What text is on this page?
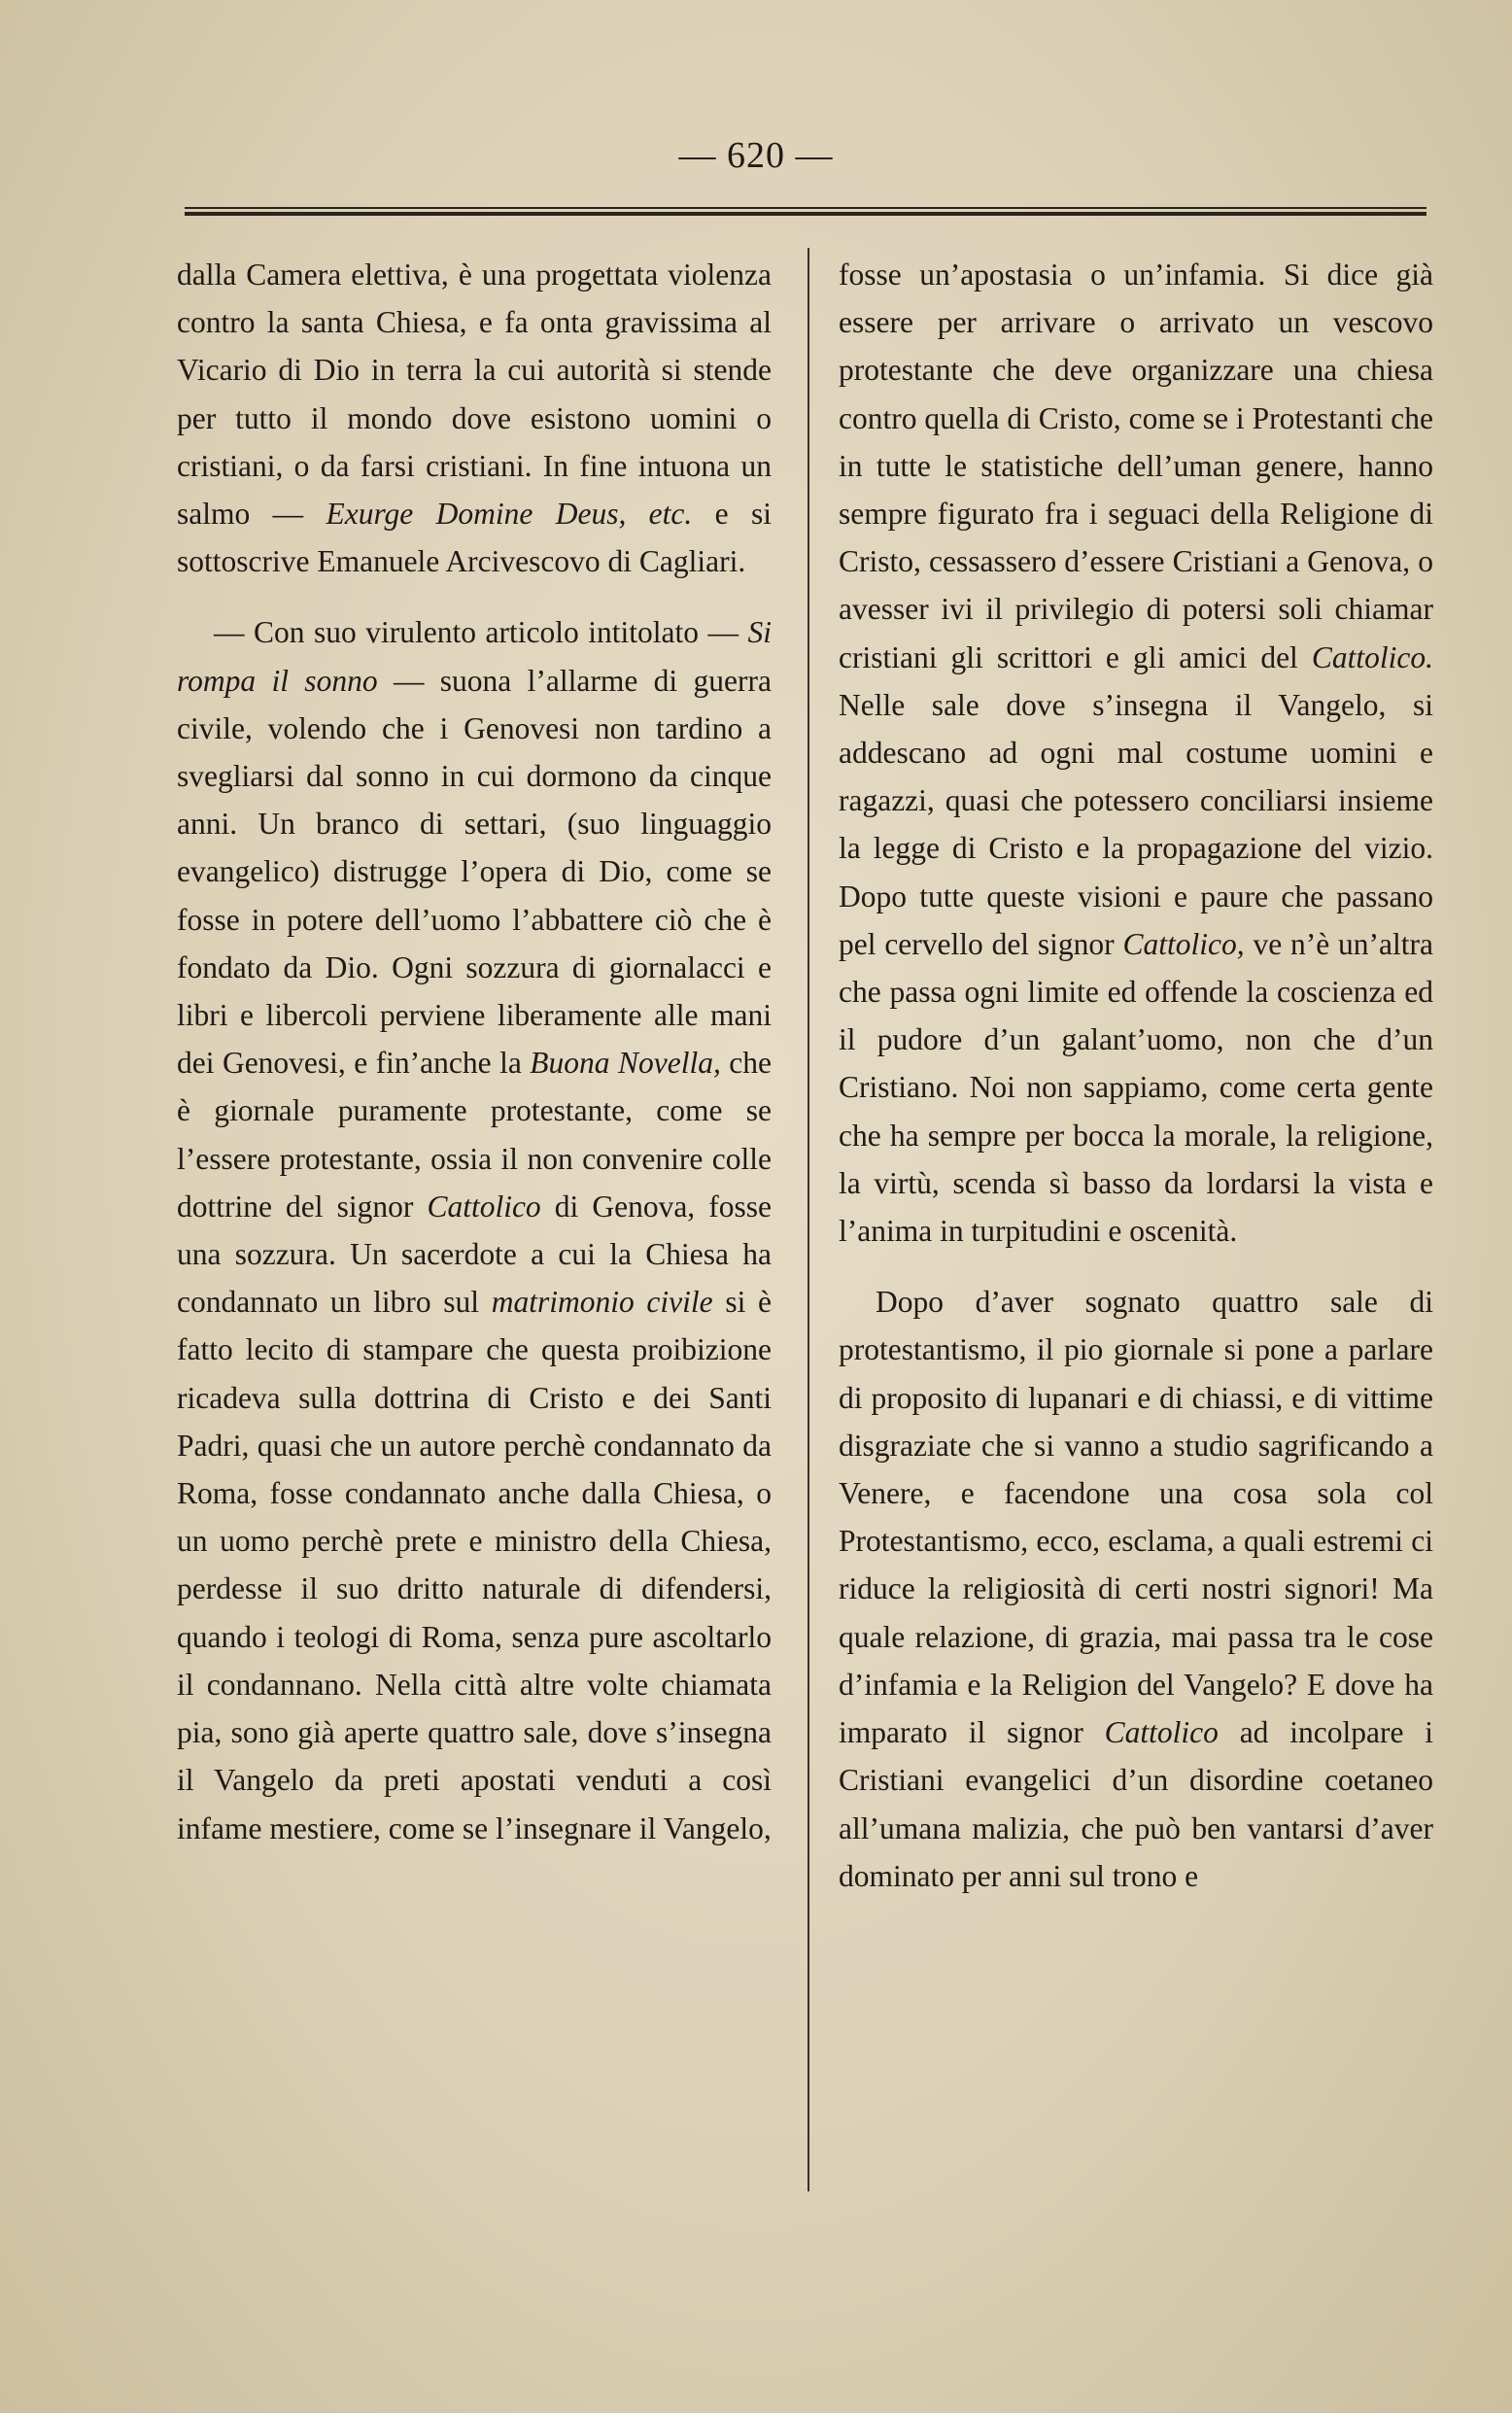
— 620 —

dalla Camera elettiva, è una progettata violenza contro la santa Chiesa, e fa onta gravissima al Vicario di Dio in terra la cui autorità si stende per tutto il mondo dove esistono uomini o cristiani, o da farsi cristiani. In fine intuona un salmo — Exurge Domine Deus, etc. e si sottoscrive Emanuele Arcivescovo di Cagliari.

— Con suo virulento articolo intitolato — Si rompa il sonno — suona l’allarme di guerra civile, volendo che i Genovesi non tardino a svegliarsi dal sonno in cui dormono da cinque anni. Un branco di settari, (suo linguaggio evangelico) distrugge l’opera di Dio, come se fosse in potere dell’uomo l’abbattere ciò che è fondato da Dio. Ogni sozzura di giornalacci e libri e libercoli perviene liberamente alle mani dei Genovesi, e fin’anche la Buona Novella, che è giornale puramente protestante, come se l’essere protestante, ossia il non convenire colle dottrine del signor Cattolico di Genova, fosse una sozzura. Un sacerdote a cui la Chiesa ha condannato un libro sul matrimonio civile si è fatto lecito di stampare che questa proibizione ricadeva sulla dottrina di Cristo e dei Santi Padri, quasi che un autore perchè condannato da Roma, fosse condannato anche dalla Chiesa, o un uomo perchè prete e ministro della Chiesa, perdesse il suo dritto naturale di difendersi, quando i teologi di Roma, senza pure ascoltarlo il condannano. Nella città altre volte chiamata pia, sono già aperte quattro sale, dove s’insegna il Vangelo da preti apostati venduti a così infame mestiere, come se l’insegnare il Vangelo,

fosse un’apostasia o un’infamia. Si dice già essere per arrivare o arrivato un vescovo protestante che deve organizzare una chiesa contro quella di Cristo, come se i Protestanti che in tutte le statistiche dell’uman genere, hanno sempre figurato fra i seguaci della Religione di Cristo, cessassero d’essere Cristiani a Genova, o avesser ivi il privilegio di potersi soli chiamar cristiani gli scrittori e gli amici del Cattolico. Nelle sale dove s’insegna il Vangelo, si addescano ad ogni mal costume uomini e ragazzi, quasi che potessero conciliarsi insieme la legge di Cristo e la propagazione del vizio. Dopo tutte queste visioni e paure che passano pel cervello del signor Cattolico, ve n’è un’altra che passa ogni limite ed offende la coscienza ed il pudore d’un galant’uomo, non che d’un Cristiano. Noi non sappiamo, come certa gente che ha sempre per bocca la morale, la religione, la virtù, scenda sì basso da lordarsi la vista e l’anima in turpitudini e oscenità.

Dopo d’aver sognato quattro sale di protestantismo, il pio giornale si pone a parlare di proposito di lupanari e di chiassi, e di vittime disgraziate che si vanno a studio sagrificando a Venere, e facendone una cosa sola col Protestantismo, ecco, esclama, a quali estremi ci riduce la religiosità di certi nostri signori! Ma quale relazione, di grazia, mai passa tra le cose d’infamia e la Religion del Vangelo? E dove ha imparato il signor Cattolico ad incolpare i Cristiani evangelici d’un disordine coetaneo all’umana malizia, che può ben vantarsi d’aver dominato per anni sul trono e
